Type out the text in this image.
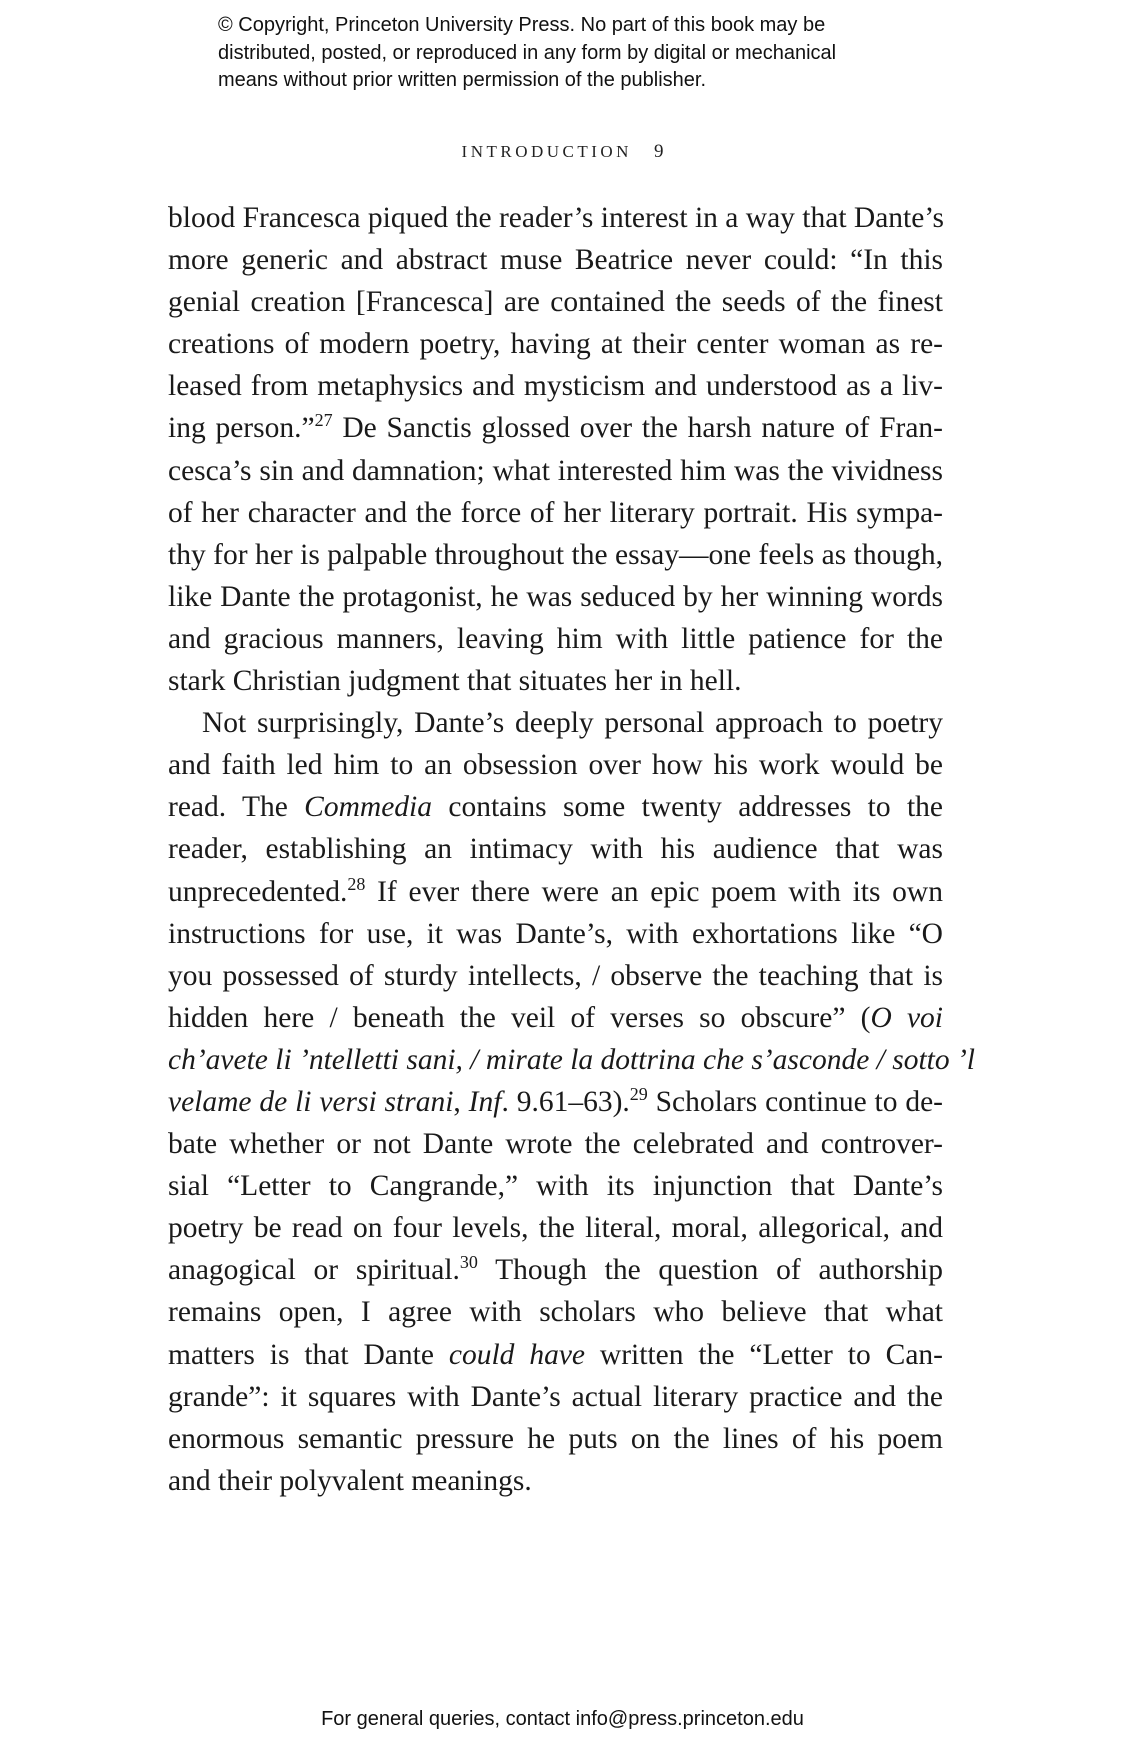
© Copyright, Princeton University Press. No part of this book may be
distributed, posted, or reproduced in any form by digital or mechanical
means without prior written permission of the publisher.
INTRODUCTION 9
blood Francesca piqued the reader’s interest in a way that Dante’s
more generic and abstract muse Beatrice never could: “In this
genial creation [Francesca] are contained the seeds of the finest
creations of modern poetry, having at their center woman as re-
leased from metaphysics and mysticism and understood as a liv-
ing person.”$^{27}$ De Sanctis glossed over the harsh nature of Fran-
cesca’s sin and damnation; what interested him was the vividness
of her character and the force of her literary portrait. His sympa-
thy for her is palpable throughout the essay—one feels as though,
like Dante the protagonist, he was seduced by her winning words
and gracious manners, leaving him with little patience for the
stark Christian judgment that situates her in hell.
Not surprisingly, Dante’s deeply personal approach to poetry
and faith led him to an obsession over how his work would be
read. The Commedia contains some twenty addresses to the
reader, establishing an intimacy with his audience that was
unprecedented.$^{28}$ If ever there were an epic poem with its own
instructions for use, it was Dante’s, with exhortations like “O
you possessed of sturdy intellects, / observe the teaching that is
hidden here / beneath the veil of verses so obscure” (O voi
ch’avete li ’ntelletti sani, / mirate la dottrina che s’asconde / sotto ’l
velame de li versi strani, Inf. 9.61–63).$^{29}$ Scholars continue to de-
bate whether or not Dante wrote the celebrated and controver-
sial “Letter to Cangrande,” with its injunction that Dante’s
poetry be read on four levels, the literal, moral, allegorical, and
anagogical or spiritual.$^{30}$ Though the question of authorship
remains open, I agree with scholars who believe that what
matters is that Dante could have written the “Letter to Can-
grande”: it squares with Dante’s actual literary practice and the
enormous semantic pressure he puts on the lines of his poem
and their polyvalent meanings.
For general queries, contact info@press.princeton.edu
